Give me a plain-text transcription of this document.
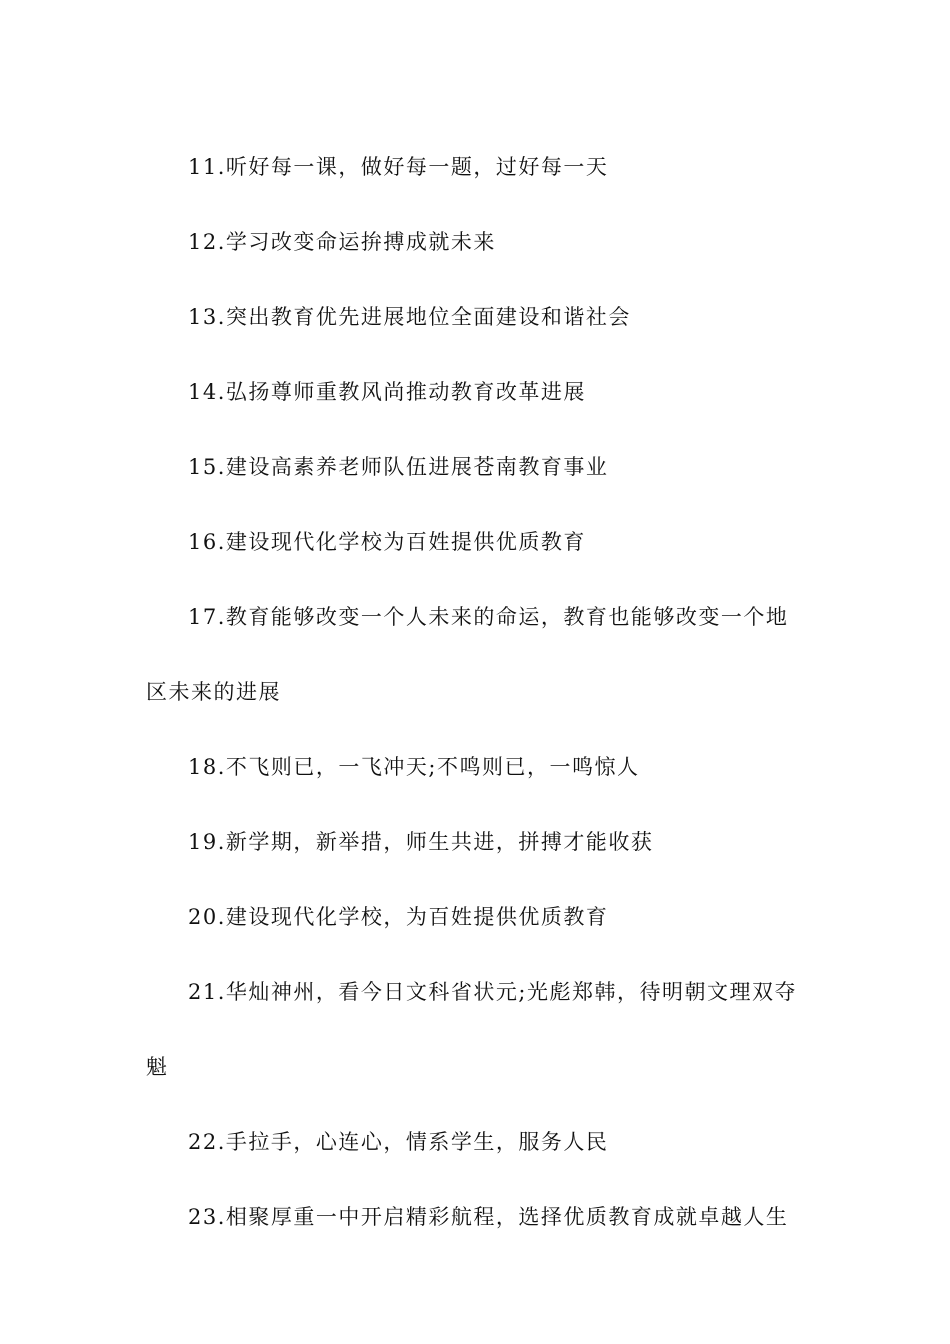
11.听好每一课，做好每一题，过好每一天

12.学习改变命运拚搏成就未来

13.突出教育优先进展地位全面建设和谐社会

14.弘扬尊师重教风尚推动教育改革进展

15.建设高素养老师队伍进展苍南教育事业

16.建设现代化学校为百姓提供优质教育

17.教育能够改变一个人未来的命运，教育也能够改变一个地区未来的进展

18.不飞则已，一飞冲天;不鸣则已，一鸣惊人

19.新学期，新举措，师生共进，拼搏才能收获

20.建设现代化学校，为百姓提供优质教育

21.华灿神州，看今日文科省状元;光彪郑韩，待明朝文理双夺魁

22.手拉手，心连心，情系学生，服务人民

23.相聚厚重一中开启精彩航程，选择优质教育成就卓越人生
